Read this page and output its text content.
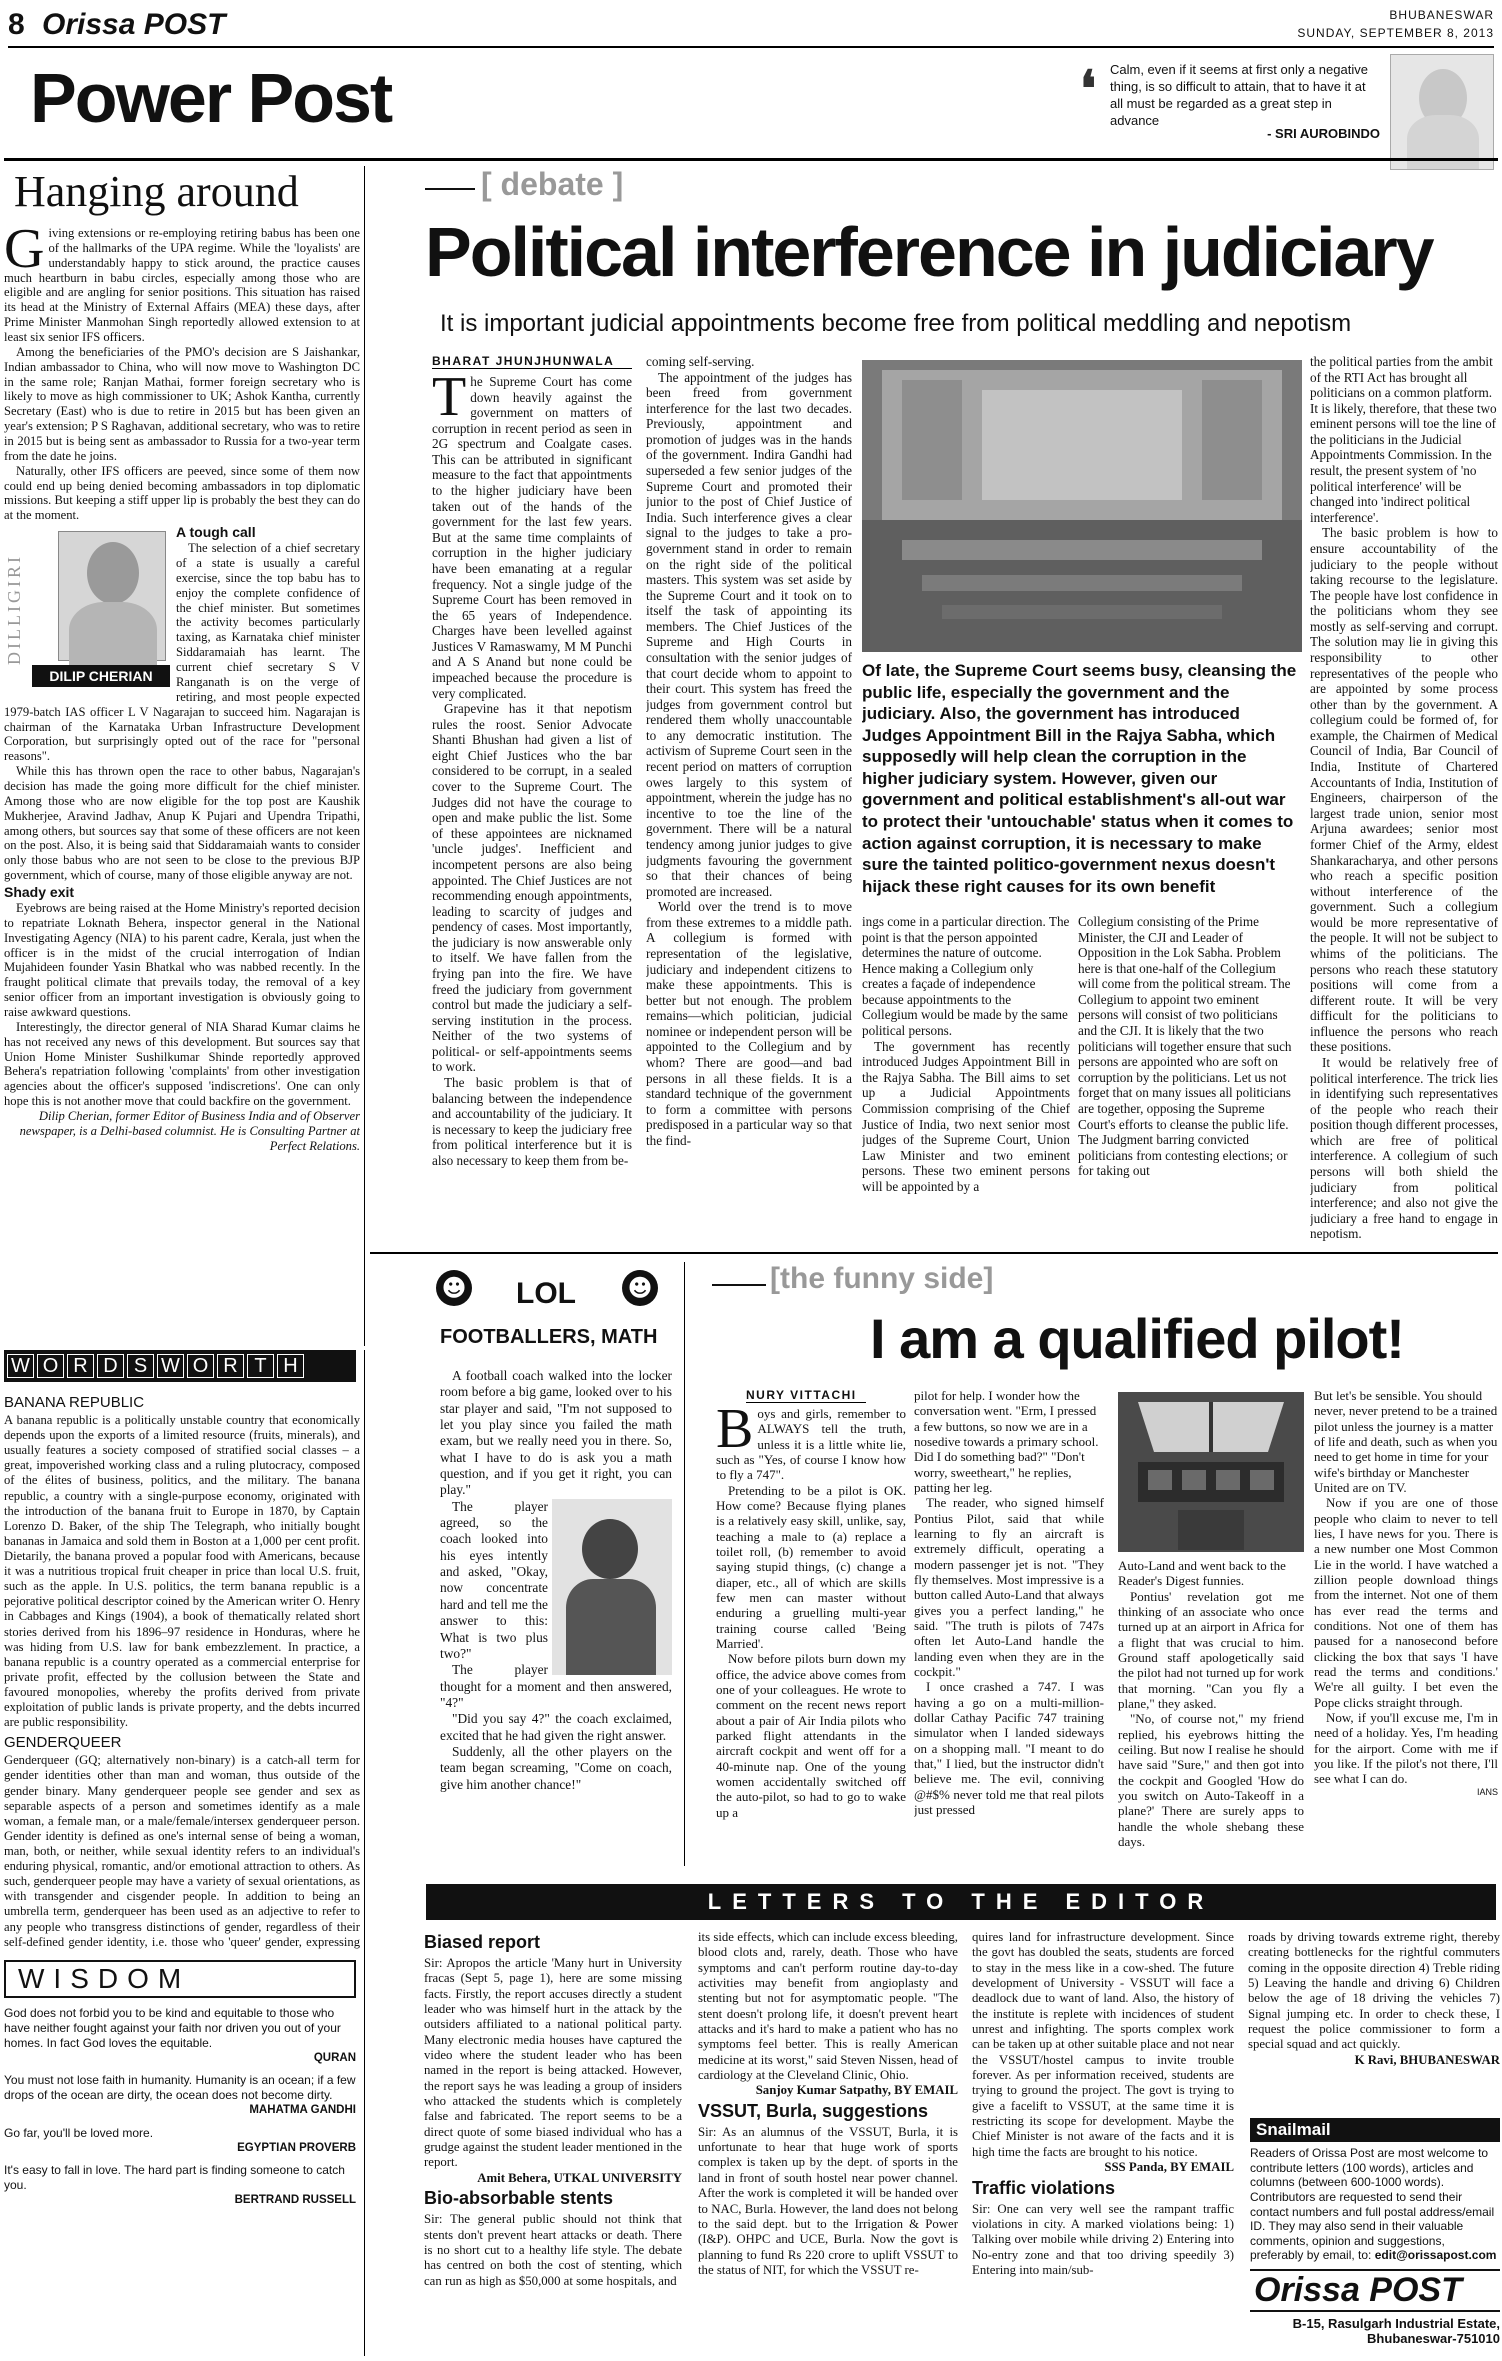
8 Orissa POST	BHUBANESWAR
SUNDAY, SEPTEMBER 8, 2013
Power Post	❛ Calm, even if it seems at first only a negative thing, is so difficult to attain, that to have it at all must be regarded as a great step in advance
- SRI AUROBINDO
Hanging around

Giving extensions or re-employing retiring babus has been one of the hallmarks of the UPA regime. While the 'loyalists' are understandably happy to stick around, the practice causes much heartburn in babu circles, especially among those who are eligible and are angling for senior positions. This situation has raised its head at the Ministry of External Affairs (MEA) these days, after Prime Minister Manmohan Singh reportedly allowed extension to at least six senior IFS officers.

Among the beneficiaries of the PMO's decision are S Jaishankar, Indian ambassador to China, who will now move to Washington DC in the same role; Ranjan Mathai, former foreign secretary who is likely to move as high commissioner to UK; Ashok Kantha, currently Secretary (East) who is due to retire in 2015 but has been given an year's extension; P S Raghavan, additional secretary, who was to retire in 2015 but is being sent as ambassador to Russia for a two-year term from the date he joins.

Naturally, other IFS officers are peeved, since some of them now could end up being denied becoming ambassadors in top diplomatic missions. But keeping a stiff upper lip is probably the best they can do at the moment.

DILLIGIRI
DILIP CHERIAN
A tough call

The selection of a chief secretary of a state is usually a careful exercise, since the top babu has to enjoy the complete confidence of the chief minister. But sometimes the activity becomes particularly taxing, as Karnataka chief minister Siddaramaiah has learnt. The current chief secretary S V Ranganath is on the verge of retiring, and most people expected 1979-batch IAS officer L V Nagarajan to succeed him. Nagarajan is chairman of the Karnataka Urban Infrastructure Development Corporation, but surprisingly opted out of the race for "personal reasons".

While this has thrown open the race to other babus, Nagarajan's decision has made the going more difficult for the chief minister. Among those who are now eligible for the top post are Kaushik Mukherjee, Aravind Jadhav, Anup K Pujari and Upendra Tripathi, among others, but sources say that some of these officers are not keen on the post. Also, it is being said that Siddaramaiah wants to consider only those babus who are not seen to be close to the previous BJP government, which of course, many of those eligible anyway are not.

Shady exit

Eyebrows are being raised at the Home Ministry's reported decision to repatriate Loknath Behera, inspector general in the National Investigating Agency (NIA) to his parent cadre, Kerala, just when the officer is in the midst of the crucial interrogation of Indian Mujahideen founder Yasin Bhatkal who was nabbed recently. In the fraught political climate that prevails today, the removal of a key senior officer from an important investigation is obviously going to raise awkward questions.

Interestingly, the director general of NIA Sharad Kumar claims he has not received any news of this development. But sources say that Union Home Minister Sushilkumar Shinde reportedly approved Behera's repatriation following 'complaints' from other investigation agencies about the officer's supposed 'indiscretions'. One can only hope this is not another move that could backfire on the government.

Dilip Cherian, former Editor of Business India and of Observer newspaper, is a Delhi-based columnist. He is Consulting Partner at Perfect Relations.

W O R D S W O R T H
BANANA REPUBLIC

A banana republic is a politically unstable country that economically depends upon the exports of a limited resource (fruits, minerals), and usually features a society composed of stratified social classes – a great, impoverished working class and a ruling plutocracy, composed of the élites of business, politics, and the military. The banana republic, a country with a single-purpose economy, originated with the introduction of the banana fruit to Europe in 1870, by Captain Lorenzo D. Baker, of the ship The Telegraph, who initially bought bananas in Jamaica and sold them in Boston at a 1,000 per cent profit. Dietarily, the banana proved a popular food with Americans, because it was a nutritious tropical fruit cheaper in price than local U.S. fruit, such as the apple. In U.S. politics, the term banana republic is a pejorative political descriptor coined by the American writer O. Henry in Cabbages and Kings (1904), a book of thematically related short stories derived from his 1896–97 residence in Honduras, where he was hiding from U.S. law for bank embezzlement. In practice, a banana republic is a country operated as a commercial enterprise for private profit, effected by the collusion between the State and favoured monopolies, whereby the profits derived from private exploitation of public lands is private property, and the debts incurred are public responsibility.

GENDERQUEER

Genderqueer (GQ; alternatively non-binary) is a catch-all term for gender identities other than man and woman, thus outside of the gender binary. Many genderqueer people see gender and sex as separable aspects of a person and sometimes identify as a male woman, a female man, or a male/female/intersex genderqueer person. Gender identity is defined as one's internal sense of being a woman, man, both, or neither, while sexual identity refers to an individual's enduring physical, romantic, and/or emotional attraction to others. As such, genderqueer people may have a variety of sexual orientations, as with transgender and cisgender people. In addition to being an umbrella term, genderqueer has been used as an adjective to refer to any people who transgress distinctions of gender, regardless of their self-defined gender identity, i.e. those who 'queer' gender, expressing

WISDOM
God does not forbid you to be kind and equitable to those who have neither fought against your faith nor driven you out of your homes. In fact God loves the equitable.
QURAN
You must not lose faith in humanity. Humanity is an ocean; if a few drops of the ocean are dirty, the ocean does not become dirty.
MAHATMA GANDHI
Go far, you'll be loved more.
EGYPTIAN PROVERB
It's easy to fall in love. The hard part is finding someone to catch you.
BERTRAND RUSSELL
[ debate ]
Political interference in judiciary
It is important judicial appointments become free from political meddling and nepotism
BHARAT JHUNJHUNWALA

The Supreme Court has come down heavily against the government on matters of corruption in recent period as seen in 2G spectrum and Coalgate cases. This can be attributed in significant measure to the fact that appointments to the higher judiciary have been taken out of the hands of the government for the last few years. But at the same time complaints of corruption in the higher judiciary have been emanating at a regular frequency. Not a single judge of the Supreme Court has been removed in the 65 years of Independence. Charges have been levelled against Justices V Ramaswamy, M M Punchi and A S Anand but none could be impeached because the procedure is very complicated.

Grapevine has it that nepotism rules the roost. Senior Advocate Shanti Bhushan had given a list of eight Chief Justices who the bar considered to be corrupt, in a sealed cover to the Supreme Court. The Judges did not have the courage to open and make public the list. Some of these appointees are nicknamed 'uncle judges'. Inefficient and incompetent persons are also being appointed. The Chief Justices are not recommending enough appointments, leading to scarcity of judges and pendency of cases. Most importantly, the judiciary is now answerable only to itself. We have fallen from the frying pan into the fire. We have freed the judiciary from government control but made the judiciary a self-serving institution in the process. Neither of the two systems of political- or self-appointments seems to work.

The basic problem is that of balancing between the independence and accountability of the judiciary. It is necessary to keep the judiciary free from political interference but it is also necessary to keep them from be-

coming self-serving.

The appointment of the judges has been freed from government interference for the last two decades. Previously, appointment and promotion of judges was in the hands of the government. Indira Gandhi had superseded a few senior judges of the Supreme Court and promoted their junior to the post of Chief Justice of India. Such interference gives a clear signal to the judges to take a pro-government stand in order to remain on the right side of the political masters. This system was set aside by the Supreme Court and it took on to itself the task of appointing its members. The Chief Justices of the Supreme and High Courts in consultation with the senior judges of that court decide whom to appoint to their court. This system has freed the judges from government control but rendered them wholly unaccountable to any democratic institution. The activism of Supreme Court seen in the recent period on matters of corruption owes largely to this system of appointment, wherein the judge has no incentive to toe the line of the government. There will be a natural tendency among junior judges to give judgments favouring the government so that their chances of being promoted are increased.

World over the trend is to move from these extremes to a middle path. A collegium is formed with representation of the legislative, judiciary and independent citizens to make these appointments. This is better but not enough. The problem remains—which politician, judicial nominee or independent person will be appointed to the Collegium and by whom? There are good—and bad persons in all these fields. It is a standard technique of the government to form a committee with persons predisposed in a particular way so that the find-

Of late, the Supreme Court seems busy, cleansing the public life, especially the government and the judiciary. Also, the government has introduced Judges Appointment Bill in the Rajya Sabha, which supposedly will help clean the corruption in the higher judiciary system. However, given our government and political establishment's all-out war to protect their 'untouchable' status when it comes to action against corruption, it is necessary to make sure the tainted politico-government nexus doesn't hijack these right causes for its own benefit
ings come in a particular direction. The point is that the person appointed determines the nature of outcome. Hence making a Collegium only creates a façade of independence because appointments to the Collegium would be made by the same political persons.

The government has recently introduced Judges Appointment Bill in the Rajya Sabha. The Bill aims to set up a Judicial Appointments Commission comprising of the Chief Justice of India, two next senior most judges of the Supreme Court, Union Law Minister and two eminent persons. These two eminent persons will be appointed by a

Collegium consisting of the Prime Minister, the CJI and Leader of Opposition in the Lok Sabha. Problem here is that one-half of the Collegium will come from the political stream. The Collegium to appoint two eminent persons will consist of two politicians and the CJI. It is likely that the two politicians will together ensure that such persons are appointed who are soft on corruption by the politicians. Let us not forget that on many issues all politicians are together, opposing the Supreme Court's efforts to cleanse the public life. The Judgment barring convicted politicians from contesting elections; or for taking out
the political parties from the ambit of the RTI Act has brought all politicians on a common platform. It is likely, therefore, that these two eminent persons will toe the line of the politicians in the Judicial Appointments Commission. In the result, the present system of 'no political interference' will be changed into 'indirect political interference'.

The basic problem is how to ensure accountability of the judiciary to the people without taking recourse to the legislature. The people have lost confidence in the politicians whom they see mostly as self-serving and corrupt. The solution may lie in giving this responsibility to other representatives of the people who are appointed by some process other than by the government. A collegium could be formed of, for example, the Chairmen of Medical Council of India, Bar Council of India, Institute of Chartered Accountants of India, Institution of Engineers, chairperson of the largest trade union, senior most Arjuna awardees; senior most former Chief of the Army, eldest Shankaracharya, and other persons who reach a specific position without interference of the government. Such a collegium would be more representative of the people. It will not be subject to whims of the politicians. The persons who reach these statutory positions will come from a different route. It will be very difficult for the politicians to influence the persons who reach these positions.

It would be relatively free of political interference. The trick lies in identifying such representatives of the people who reach their position though different processes, which are free of political interference. A collegium of such persons will both shield the judiciary from political interference; and also not give the judiciary a free hand to engage in nepotism.

☻	LOL	☻
FOOTBALLERS, MATH

A football coach walked into the locker room before a big game, looked over to his star player and said, "I'm not supposed to let you play since you failed the math exam, but we really need you in there. So, what I have to do is ask you a math question, and if you get it right, you can play."

The player agreed, so the coach looked into his eyes intently and asked, "Okay, now concentrate hard and tell me the answer to this: What is two plus two?"

The player thought for a moment and then answered, "4?"

"Did you say 4?" the coach exclaimed, excited that he had given the right answer.

Suddenly, all the other players on the team began screaming, "Come on coach, give him another chance!"

[the funny side]
I am a qualified pilot!
NURY VITTACHI

Boys and girls, remember to ALWAYS tell the truth, unless it is a little white lie, such as "Yes, of course I know how to fly a 747".

Pretending to be a pilot is OK. How come? Because flying planes is a relatively easy skill, unlike, say, teaching a male to (a) replace a toilet roll, (b) remember to avoid saying stupid things, (c) change a diaper, etc., all of which are skills few men can master without enduring a gruelling multi-year training course called 'Being Married'.

Now before pilots burn down my office, the advice above comes from one of your colleagues. He wrote to comment on the recent news report about a pair of Air India pilots who parked flight attendants in the aircraft cockpit and went off for a 40-minute nap. One of the young women accidentally switched off the auto-pilot, so had to go to wake up a

pilot for help. I wonder how the conversation went. "Erm, I pressed a few buttons, so now we are in a nosedive towards a primary school. Did I do something bad?" "Don't worry, sweetheart," he replies, patting her leg.

The reader, who signed himself Pontius Pilot, said that while learning to fly an aircraft is extremely difficult, operating a modern passenger jet is not. "They fly themselves. Most impressive is a button called Auto-Land that always gives you a perfect landing," he said. "The truth is pilots of 747s often let Auto-Land handle the landing even when they are in the cockpit."

I once crashed a 747. I was having a go on a multi-million-dollar Cathay Pacific 747 training simulator when I landed sideways on a shopping mall. "I meant to do that," I lied, but the instructor didn't believe me. The evil, conniving @#$% never told me that real pilots just pressed

Auto-Land and went back to the Reader's Digest funnies.

Pontius' revelation got me thinking of an associate who once turned up at an airport in Africa for a flight that was crucial to him. Ground staff apologetically said the pilot had not turned up for work that morning. "Can you fly a plane," they asked.

"No, of course not," my friend replied, his eyebrows hitting the ceiling. But now I realise he should have said "Sure," and then got into the cockpit and Googled 'How do you switch on Auto-Takeoff in a plane?' There are surely apps to handle the whole shebang these days.

But let's be sensible. You should never, never pretend to be a trained pilot unless the journey is a matter of life and death, such as when you need to get home in time for your wife's birthday or Manchester United are on TV.

Now if you are one of those people who claim to never to tell lies, I have news for you. There is a new number one Most Common Lie in the world. I have watched a zillion people download things from the internet. Not one of them has ever read the terms and conditions. Not one of them has paused for a nanosecond before clicking the box that says 'I have read the terms and conditions.' We're all guilty. I bet even the Pope clicks straight through.

Now, if you'll excuse me, I'm in need of a holiday. Yes, I'm heading for the airport. Come with me if you like. If the pilot's not there, I'll see what I can do.

IANS
LETTERS TO THE EDITOR
Biased report

Sir: Apropos the article 'Many hurt in University fracas (Sept 5, page 1), here are some missing facts. Firstly, the report accuses directly a student leader who was himself hurt in the attack by the outsiders affiliated to a national political party. Many electronic media houses have captured the video where the student leader who has been named in the report is being attacked. However, the report says he was leading a group of insiders who attacked the students which is completely false and fabricated. The report seems to be a direct quote of some biased individual who has a grudge against the student leader mentioned in the report.

Amit Behera, UTKAL UNIVERSITY
Bio-absorbable stents

Sir: The general public should not think that stents don't prevent heart attacks or death. There is no short cut to a healthy life style. The debate has centred on both the cost of stenting, which can run as high as $50,000 at some hospitals, and

its side effects, which can include excess bleeding, blood clots and, rarely, death. Those who have symptoms and can't perform routine day-to-day activities may benefit from angioplasty and stenting but not for asymptomatic people. "The stent doesn't prolong life, it doesn't prevent heart attacks and it's hard to make a patient who has no symptoms feel better. This is really American medicine at its worst," said Steven Nissen, head of cardiology at the Cleveland Clinic, Ohio.

Sanjoy Kumar Satpathy, BY EMAIL
VSSUT, Burla, suggestions

Sir: As an alumnus of the VSSUT, Burla, it is unfortunate to hear that huge work of sports complex is taken up by the dept. of sports in the land in front of south hostel near power channel. After the work is completed it will be handed over to NAC, Burla. However, the land does not belong to the said dept. but to the Irrigation & Power (I&P). OHPC and UCE, Burla. Now the govt is planning to fund Rs 220 crore to uplift VSSUT to the status of NIT, for which the VSSUT re-

quires land for infrastructure development. Since the govt has doubled the seats, students are forced to stay in the mess like in a cow-shed. The future development of University - VSSUT will face a deadlock due to want of land. Also, the history of the institute is replete with incidences of student unrest and infighting. The sports complex work can be taken up at other suitable place and not near the VSSUT/hostel campus to invite trouble forever. As per information received, students are trying to ground the project. The govt is trying to give a facelift to VSSUT, at the same time it is restricting its scope for development. Maybe the Chief Minister is not aware of the facts and it is high time the facts are brought to his notice.

SSS Panda, BY EMAIL
Traffic violations

Sir: One can very well see the rampant traffic violations in city. A marked violations being: 1) Talking over mobile while driving 2) Entering into No-entry zone and that too driving speedily 3) Entering into main/sub-

roads by driving towards extreme right, thereby creating bottlenecks for the rightful commuters coming in the opposite direction 4) Treble riding 5) Leaving the handle and driving 6) Children below the age of 18 driving the vehicles 7) Signal jumping etc. In order to check these, I request the police commissioner to form a special squad and act quickly.

K Ravi, BHUBANESWAR
Snailmail
Readers of Orissa Post are most welcome to contribute letters (100 words), articles and columns (between 600-1000 words). Contributors are requested to send their contact numbers and full postal address/email ID. They may also send in their valuable comments, opinion and suggestions, preferably by email, to: edit@orissapost.com
Orissa POST
B-15, Rasulgarh Industrial Estate, Bhubaneswar-751010
